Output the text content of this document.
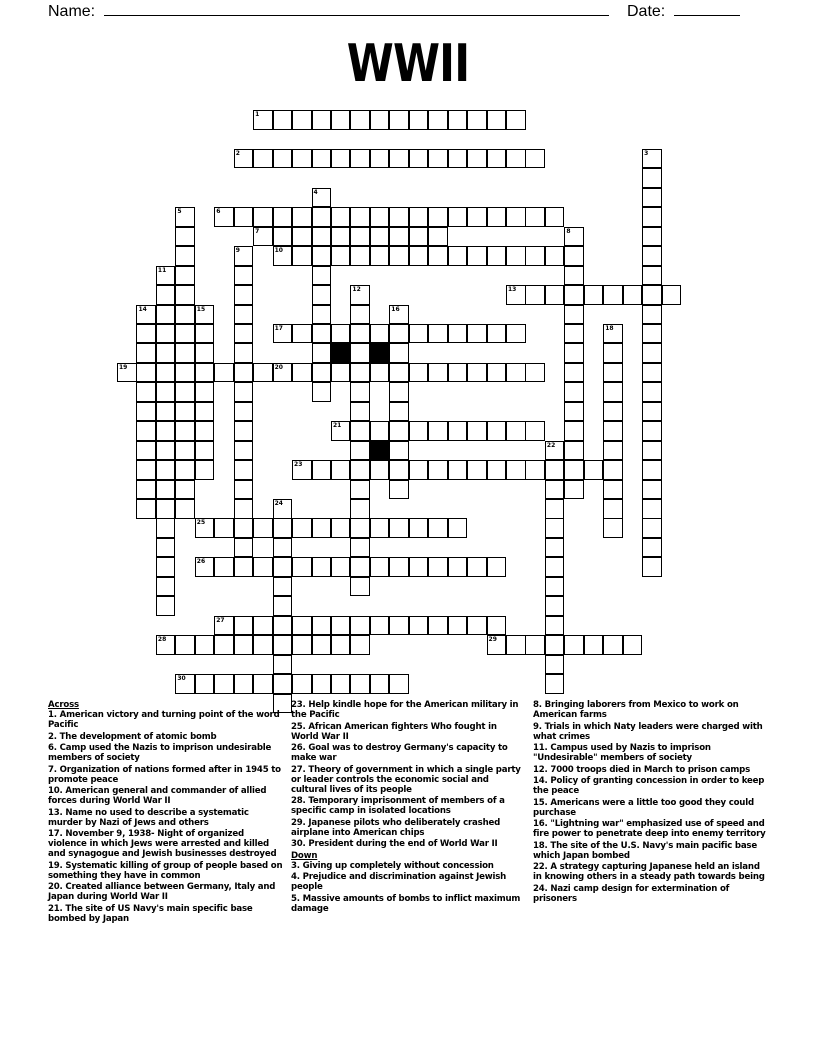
Name:	Date:
WWII
1
2
6
7
10
13
17
19	20
21
23
25
26
27
28	29
30
3
4
5
8
9
11
12
14	15	16
18
22
24
Across
1. American victory and turning point of the word Pacific
2. The development of atomic bomb
6. Camp used the Nazis to imprison undesirable members of society
7. Organization of nations formed after in 1945 to promote peace
10. American general and commander of allied forces during World War II
13. Name no used to describe a systematic murder by Nazi of Jews and others
17. November 9, 1938- Night of organized violence in which Jews were arrested and killed and synagogue and Jewish businesses destroyed
19. Systematic killing of group of people based on something they have in common
20. Created alliance between Germany, Italy and Japan during World War II
21. The site of US Navy's main specific base bombed by Japan
23. Help kindle hope for the American military in the Pacific
25. African American fighters Who fought in World War II
26. Goal was to destroy Germany's capacity to make war
27. Theory of government in which a single party or leader controls the economic social and cultural lives of its people
28. Temporary imprisonment of members of a specific camp in isolated locations
29. Japanese pilots who deliberately crashed airplane into American chips
30. President during the end of World War II
Down
3. Giving up completely without concession
4. Prejudice and discrimination against Jewish people
5. Massive amounts of bombs to inflict maximum damage
8. Bringing laborers from Mexico to work on American farms
9. Trials in which Naty leaders were charged with what crimes
11. Campus used by Nazis to imprison "Undesirable" members of society
12. 7000 troops died in March to prison camps
14. Policy of granting concession in order to keep the peace
15. Americans were a little too good they could purchase
16. "Lightning war" emphasized use of speed and fire power to penetrate deep into enemy territory
18. The site of the U.S. Navy's main pacific base which Japan bombed
22. A strategy capturing Japanese held an island in knowing others in a steady path towards being
24. Nazi camp design for extermination of prisoners
